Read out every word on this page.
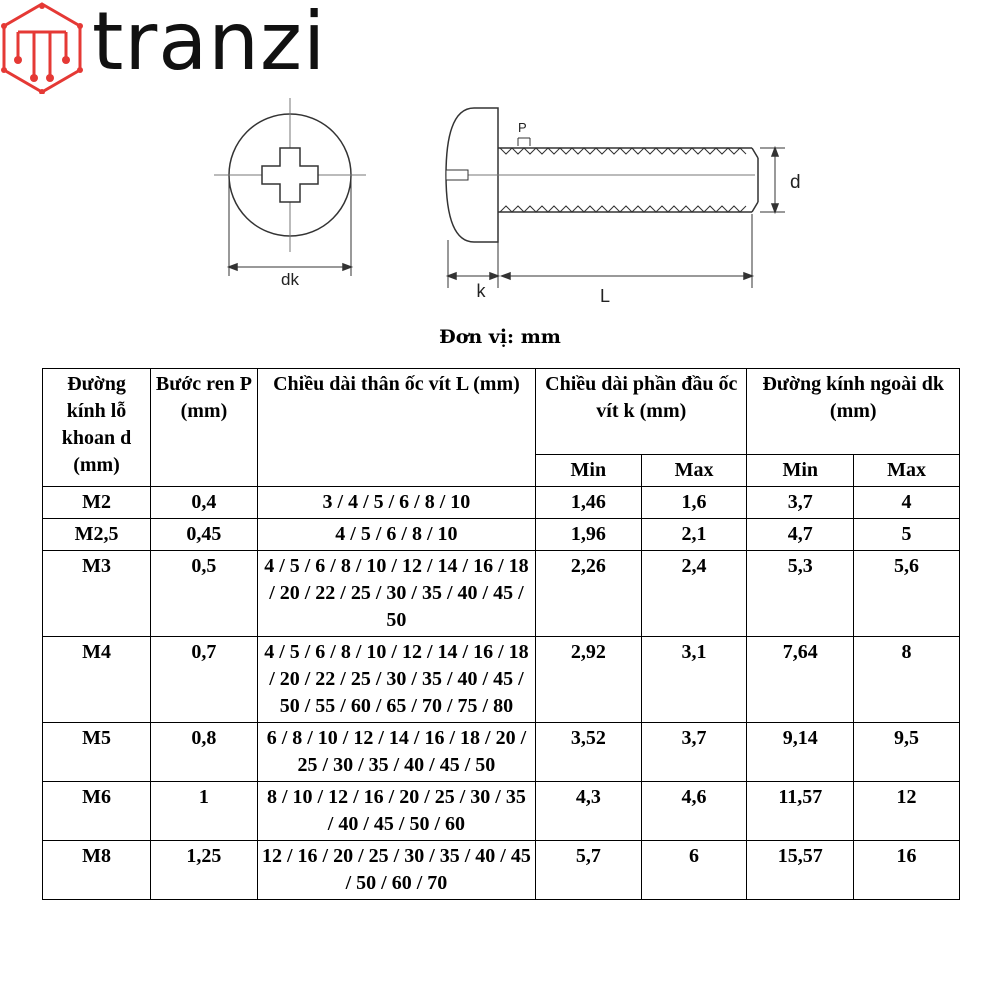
tranzi
dk
P
d
k	L
Đơn vị: mm
Đường kính lỗ khoan d (mm)	Bước ren P (mm)	Chiều dài thân ốc vít L (mm)	Chiều dài phần đầu ốc vít k (mm)		Đường kính ngoài dk (mm)	
			Min	Max	Min	Max
M2	0,4	3 / 4 / 5 / 6 / 8 / 10	1,46	1,6	3,7	4
M2,5	0,45	4 / 5 / 6 / 8 / 10	1,96	2,1	4,7	5
M3	0,5	4 / 5 / 6 / 8 / 10 / 12 / 14 / 16 / 18 / 20 / 22 / 25 / 30 / 35 / 40 / 45 / 50	2,26	2,4	5,3	5,6
M4	0,7	4 / 5 / 6 / 8 / 10 / 12 / 14 / 16 / 18 / 20 / 22 / 25 / 30 / 35 / 40 / 45 / 50 / 55 / 60 / 65 / 70 / 75 / 80	2,92	3,1	7,64	8
M5	0,8	6 / 8 / 10 / 12 / 14 / 16 / 18 / 20 / 25 / 30 / 35 / 40 / 45 / 50	3,52	3,7	9,14	9,5
M6	1	8 / 10 / 12 / 16 / 20 / 25 / 30 / 35 / 40 / 45 / 50 / 60	4,3	4,6	11,57	12
M8	1,25	12 / 16 / 20 / 25 / 30 / 35 / 40 / 45 / 50 / 60 / 70	5,7	6	15,57	16
